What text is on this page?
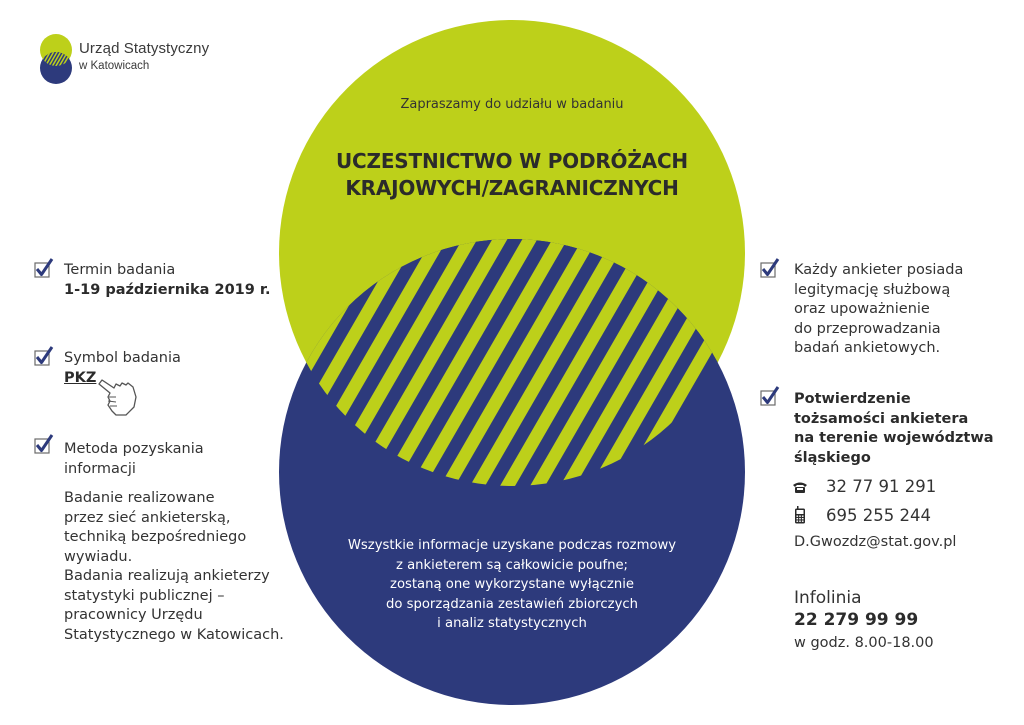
Urząd Statystyczny
w Katowicach
Zapraszamy do udziału w badaniu
UCZESTNICTWO W PODRÓŻACH
KRAJOWYCH/ZAGRANICZNYCH
Wszystkie informacje uzyskane podczas rozmowy
z ankieterem są całkowicie poufne;
zostaną one wykorzystane wyłącznie
do sporządzania zestawień zbiorczych
i analiz statystycznych
Termin badania
1-19 października 2019 r.
Symbol badania
PKZ
Metoda pozyskania
informacji
Badanie realizowane
przez sieć ankieterską,
techniką bezpośredniego
wywiadu.
Badania realizują ankieterzy
statystyki publicznej –
pracownicy Urzędu
Statystycznego w Katowicach.
Każdy ankieter posiada
legitymację służbową
oraz upoważnienie
do przeprowadzania
badań ankietowych.
Potwierdzenie
tożsamości ankietera
na terenie województwa
śląskiego
32 77 91 291
695 255 244
D.Gwozdz@stat.gov.pl
Infolinia
22 279 99 99
w godz. 8.00-18.00
